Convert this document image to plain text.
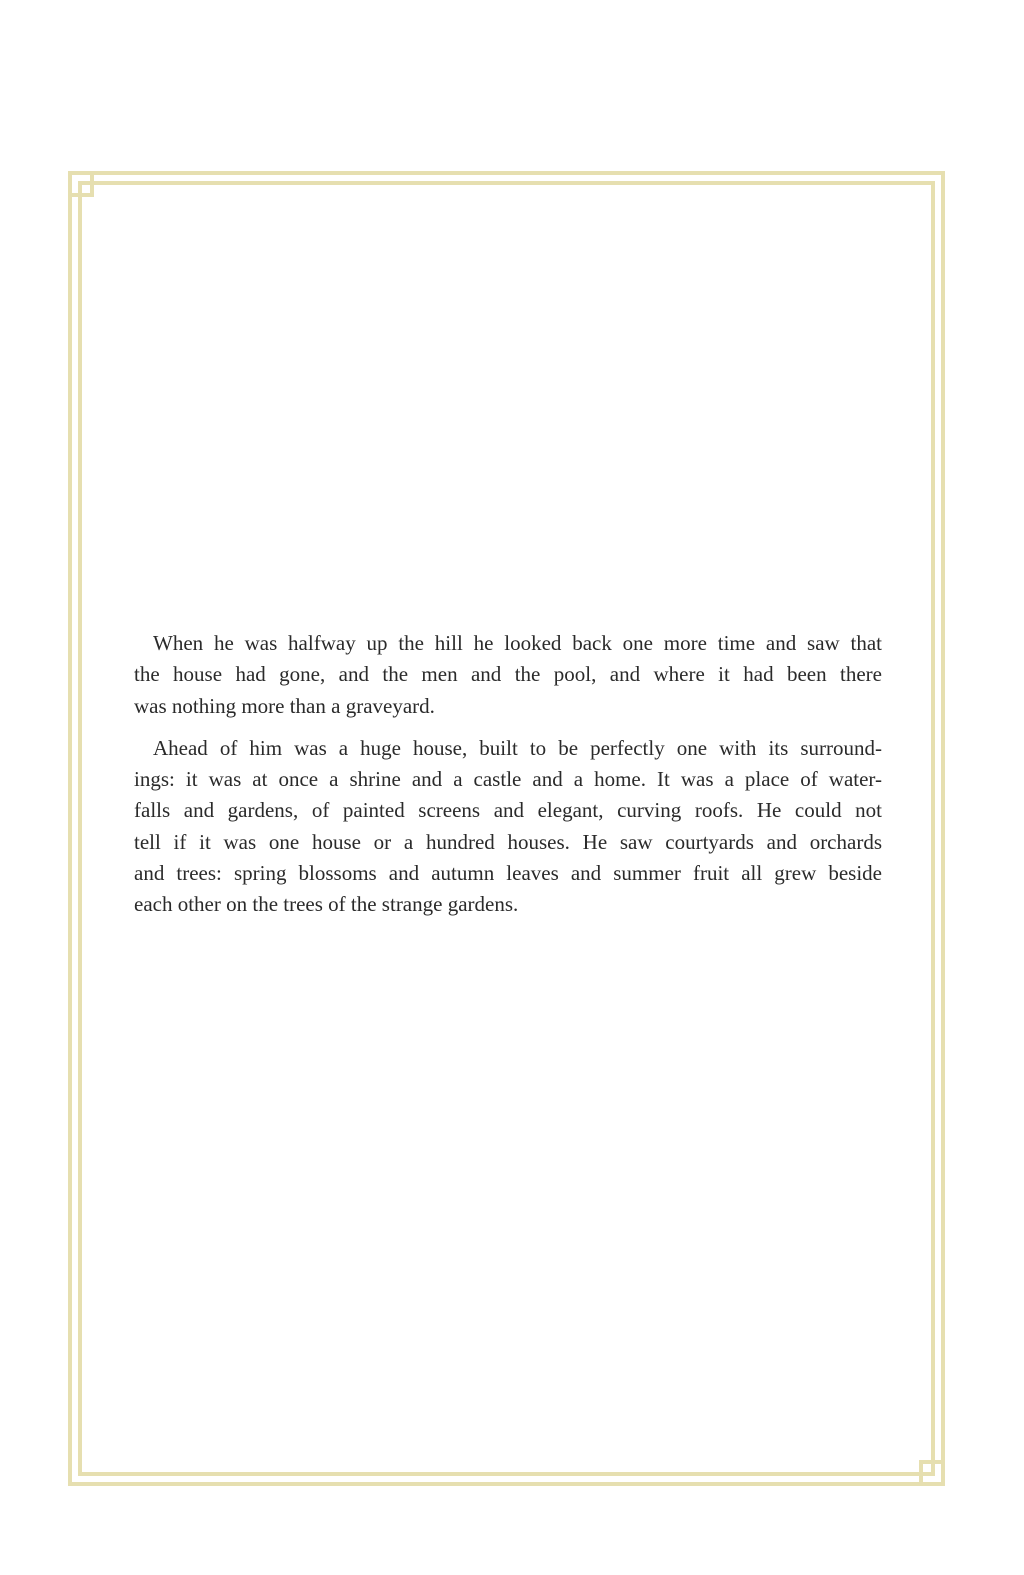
When he was halfway up the hill he looked back one more time and saw that
the house had gone, and the men and the pool, and where it had been there
was nothing more than a graveyard.

Ahead of him was a huge house, built to be perfectly one with its surround-
ings: it was at once a shrine and a castle and a home. It was a place of water-
falls and gardens, of painted screens and elegant, curving roofs. He could not
tell if it was one house or a hundred houses. He saw courtyards and orchards
and trees: spring blossoms and autumn leaves and summer fruit all grew beside
each other on the trees of the strange gardens.
